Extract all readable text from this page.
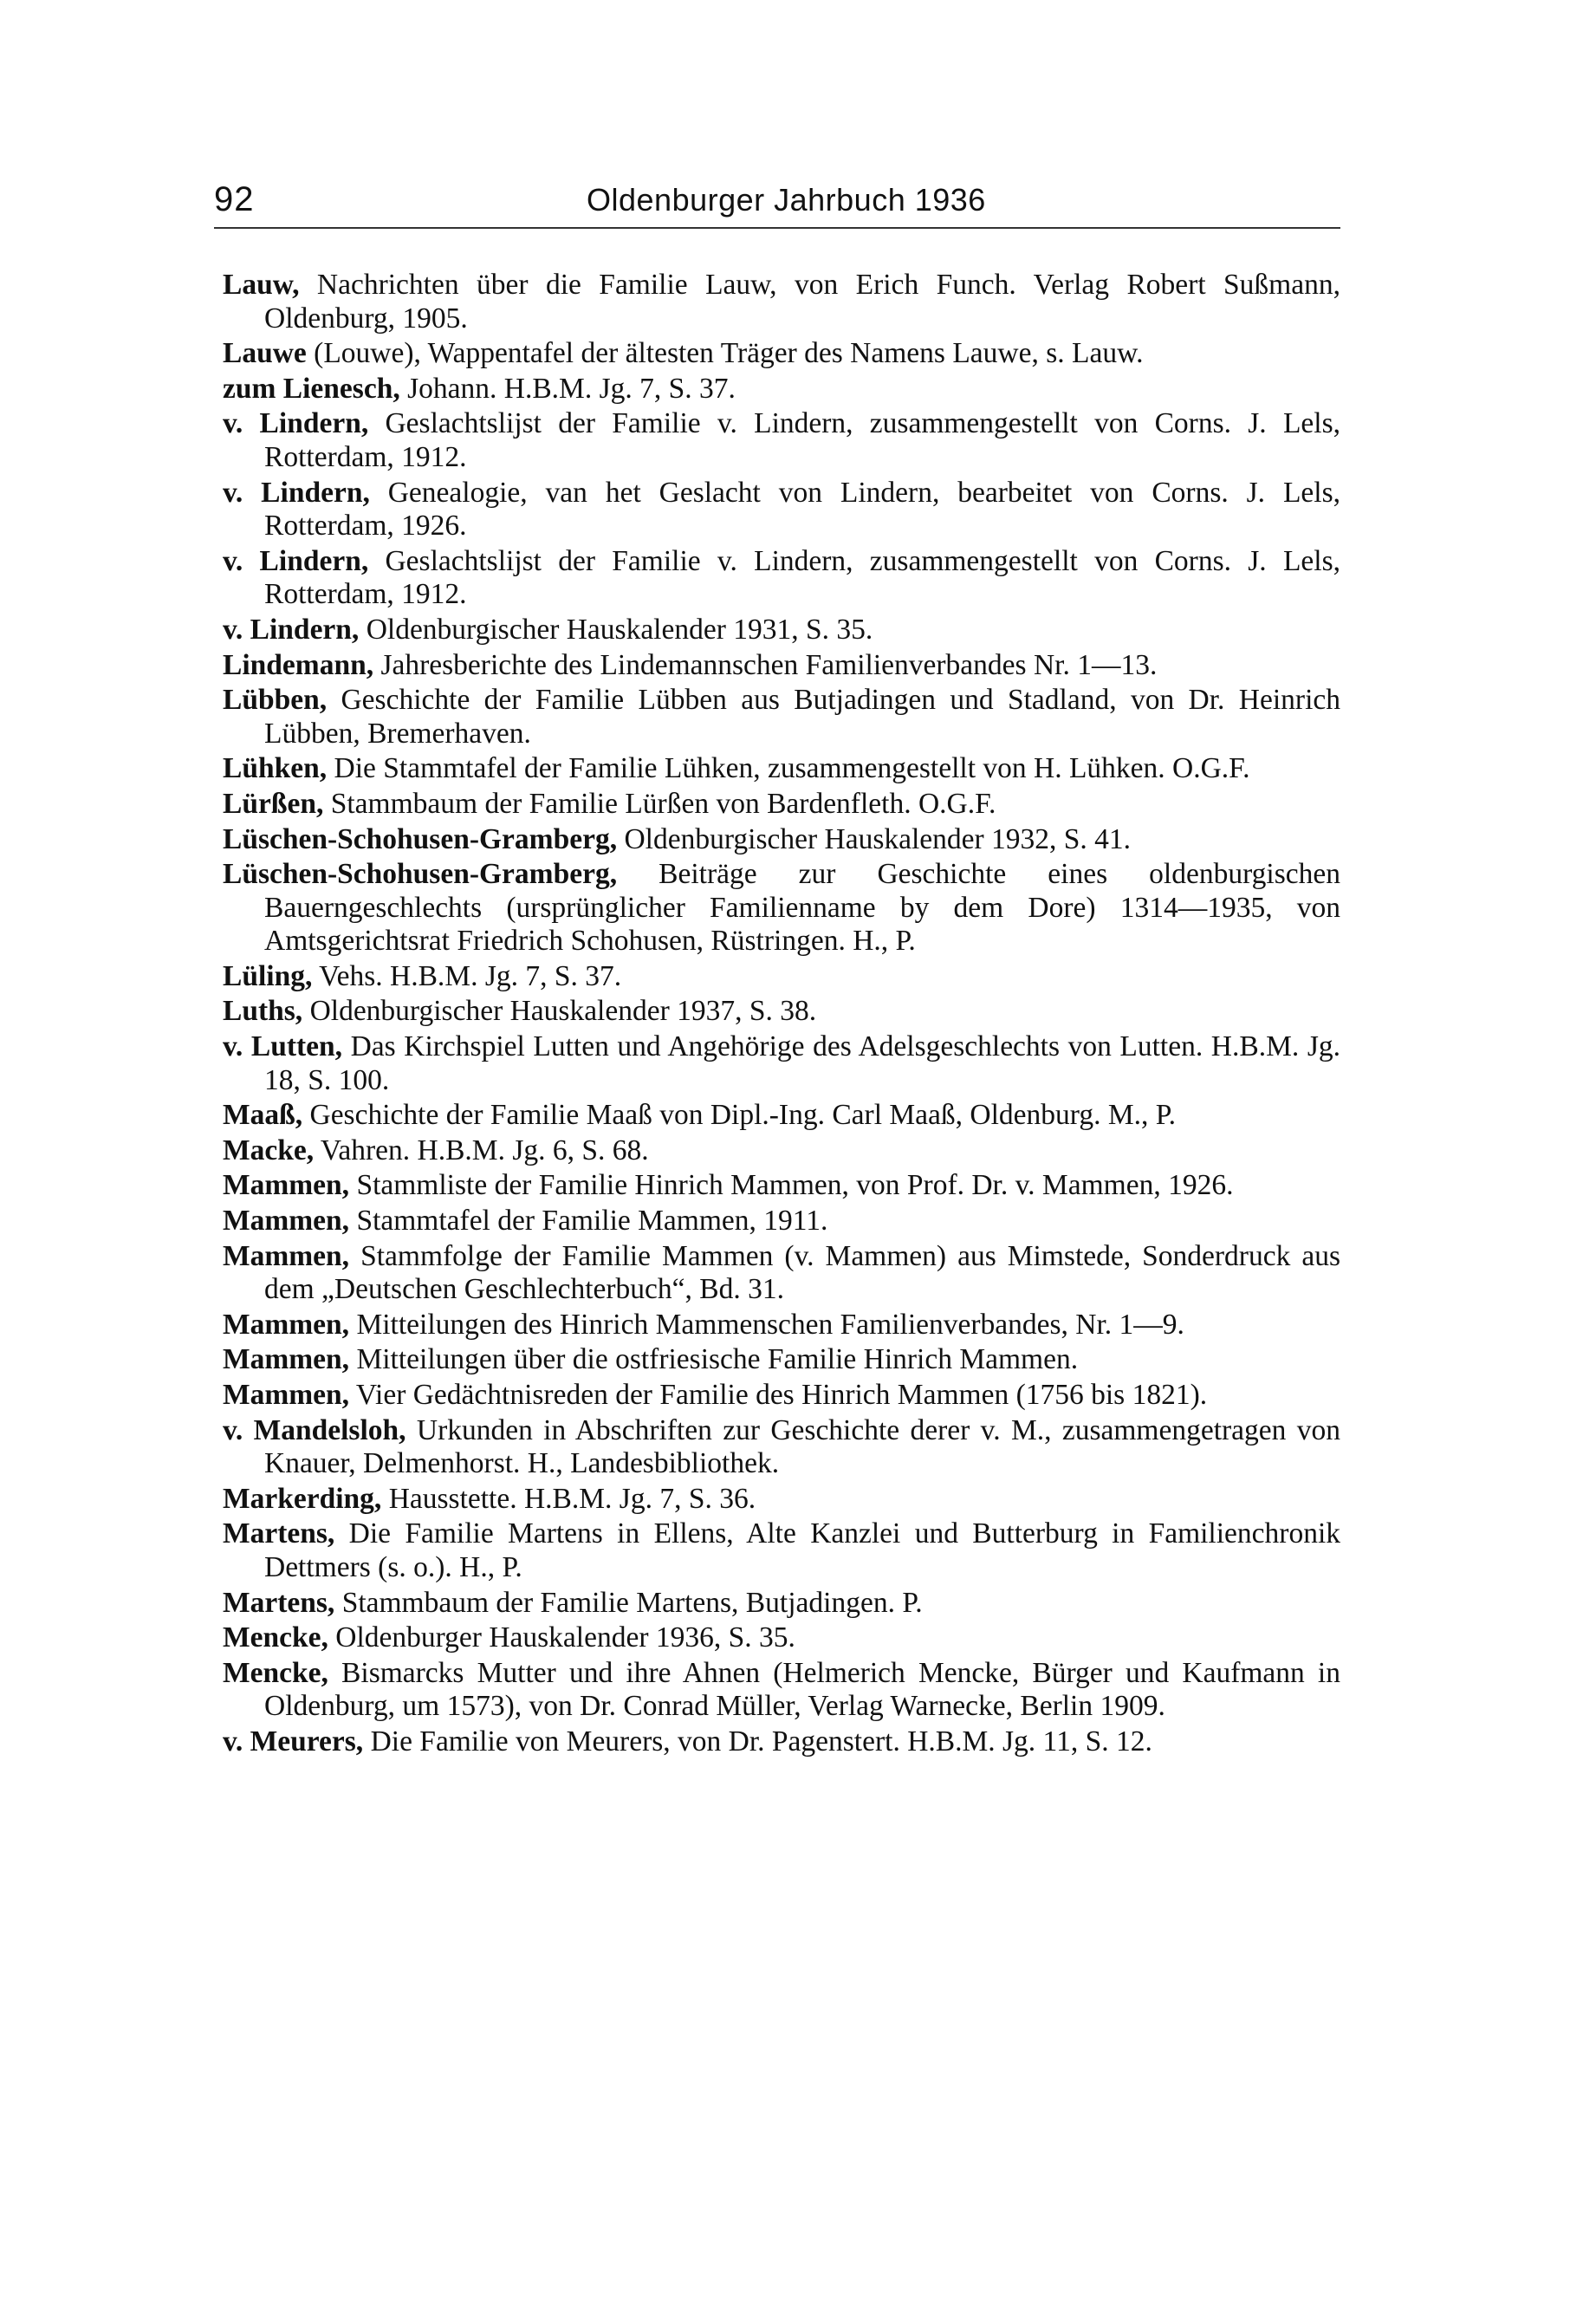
92	Oldenburger Jahrbuch 1936

Lauw, Nachrichten über die Familie Lauw, von Erich Funch. Verlag Robert Sußmann, Oldenburg, 1905.

Lauwe (Louwe), Wappentafel der ältesten Träger des Namens Lauwe, s. Lauw.

zum Lienesch, Johann. H.B.M. Jg. 7, S. 37.

v. Lindern, Geslachtslijst der Familie v. Lindern, zusammengestellt von Corns. J. Lels, Rotterdam, 1912.

v. Lindern, Genealogie, van het Geslacht von Lindern, bearbeitet von Corns. J. Lels, Rotterdam, 1926.

v. Lindern, Geslachtslijst der Familie v. Lindern, zusammengestellt von Corns. J. Lels, Rotterdam, 1912.

v. Lindern, Oldenburgischer Hauskalender 1931, S. 35.

Lindemann, Jahresberichte des Lindemannschen Familienverbandes Nr. 1—13.

Lübben, Geschichte der Familie Lübben aus Butjadingen und Stadland, von Dr. Heinrich Lübben, Bremerhaven.

Lühken, Die Stammtafel der Familie Lühken, zusammengestellt von H. Lühken. O.G.F.

Lürßen, Stammbaum der Familie Lürßen von Bardenfleth. O.G.F.

Lüschen-Schohusen-Gramberg, Oldenburgischer Hauskalender 1932, S. 41.

Lüschen-Schohusen-Gramberg, Beiträge zur Geschichte eines oldenburgischen Bauerngeschlechts (ursprünglicher Familienname by dem Dore) 1314—1935, von Amtsgerichtsrat Friedrich Schohusen, Rüstringen. H., P.

Lüling, Vehs. H.B.M. Jg. 7, S. 37.

Luths, Oldenburgischer Hauskalender 1937, S. 38.

v. Lutten, Das Kirchspiel Lutten und Angehörige des Adelsgeschlechts von Lutten. H.B.M. Jg. 18, S. 100.

Maaß, Geschichte der Familie Maaß von Dipl.-Ing. Carl Maaß, Oldenburg. M., P.

Macke, Vahren. H.B.M. Jg. 6, S. 68.

Mammen, Stammliste der Familie Hinrich Mammen, von Prof. Dr. v. Mammen, 1926.

Mammen, Stammtafel der Familie Mammen, 1911.

Mammen, Stammfolge der Familie Mammen (v. Mammen) aus Mimstede, Sonderdruck aus dem „Deutschen Geschlechterbuch“, Bd. 31.

Mammen, Mitteilungen des Hinrich Mammenschen Familienverbandes, Nr. 1—9.

Mammen, Mitteilungen über die ostfriesische Familie Hinrich Mammen.

Mammen, Vier Gedächtnisreden der Familie des Hinrich Mammen (1756 bis 1821).

v. Mandelsloh, Urkunden in Abschriften zur Geschichte derer v. M., zusammengetragen von Knauer, Delmenhorst. H., Landesbibliothek.

Markerding, Hausstette. H.B.M. Jg. 7, S. 36.

Martens, Die Familie Martens in Ellens, Alte Kanzlei und Butterburg in Familienchronik Dettmers (s. o.). H., P.

Martens, Stammbaum der Familie Martens, Butjadingen. P.

Mencke, Oldenburger Hauskalender 1936, S. 35.

Mencke, Bismarcks Mutter und ihre Ahnen (Helmerich Mencke, Bürger und Kaufmann in Oldenburg, um 1573), von Dr. Conrad Müller, Verlag Warnecke, Berlin 1909.

v. Meurers, Die Familie von Meurers, von Dr. Pagenstert. H.B.M. Jg. 11, S. 12.
